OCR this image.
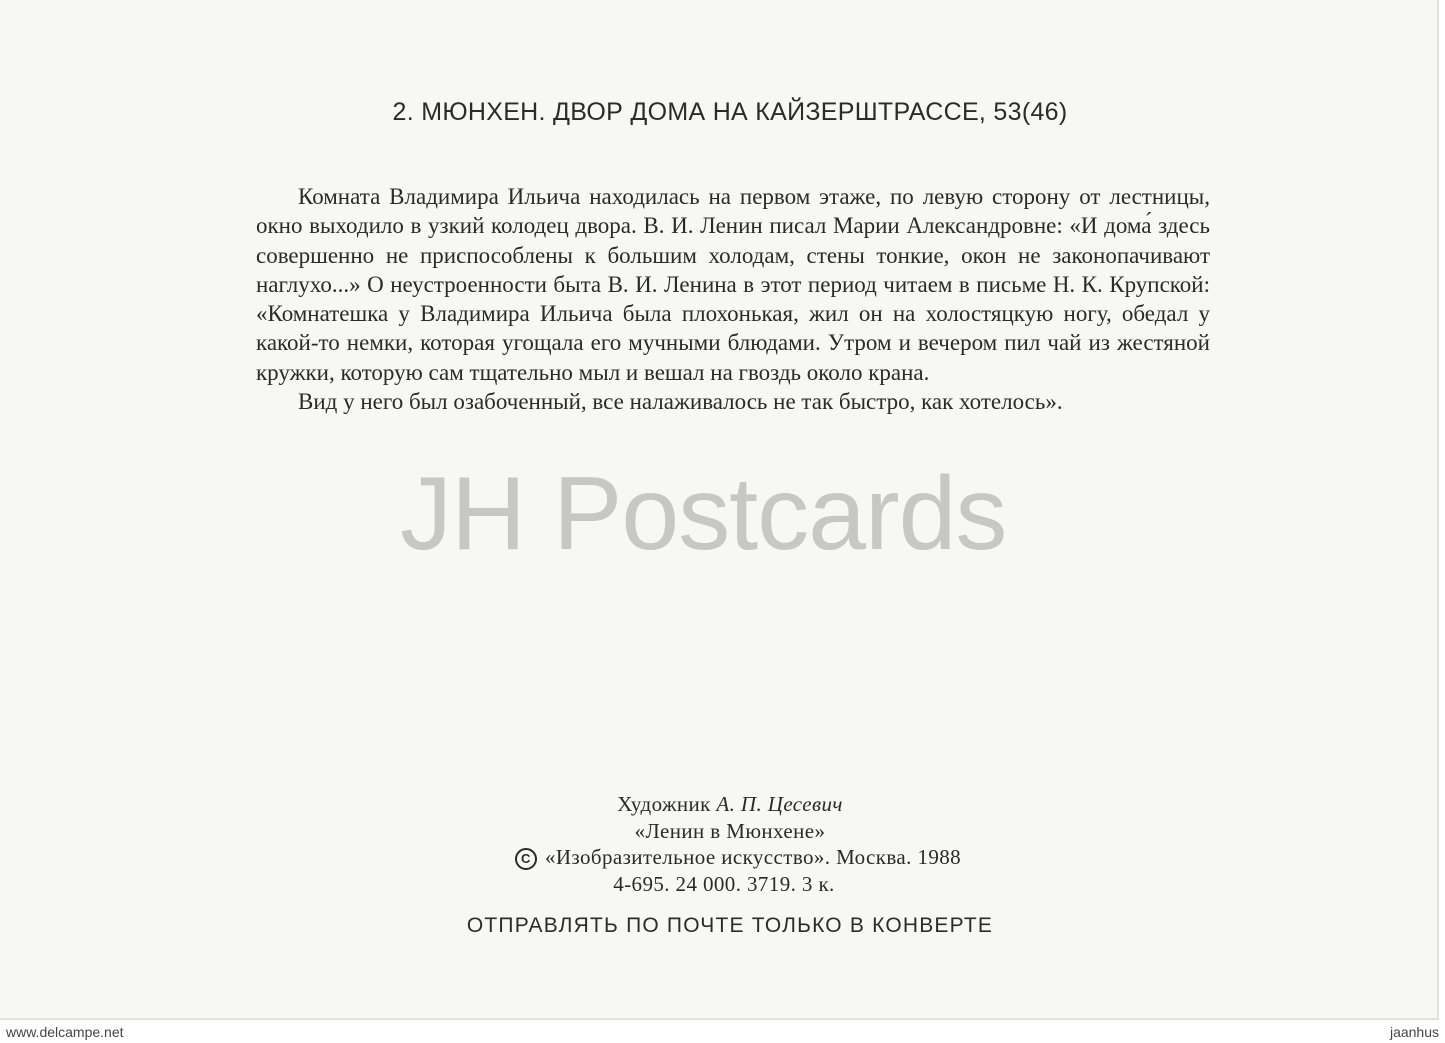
2. МЮНХЕН. ДВОР ДОМА НА КАЙЗЕРШТРАССЕ, 53(46)

Комната Владимира Ильича находилась на первом этаже, по левую сторону от лестницы, окно выходило в узкий колодец двора. В. И. Ленин писал Марии Александровне: «И дома́ здесь совершенно не приспособлены к большим холодам, стены тонкие, окон не законопачивают наглухо...» О неустроенности быта В. И. Ленина в этот период читаем в письме Н. К. Крупской: «Комнатешка у Владимира Ильича была плохонькая, жил он на холостяцкую ногу, обедал у какой-то немки, которая угощала его мучными блюдами. Утром и вечером пил чай из жестяной кружки, которую сам тщательно мыл и вешал на гвоздь около крана.

Вид у него был озабоченный, все налаживалось не так быстро, как хотелось».

JH Postcards
Художник А. П. Цесевич
«Ленин в Мюнхене»
C «Изобразительное искусство». Москва. 1988
4-695. 24 000. 3719. 3 к.
ОТПРАВЛЯТЬ ПО ПОЧТЕ ТОЛЬКО В КОНВЕРТЕ
www.delcampe.net	jaanhus
